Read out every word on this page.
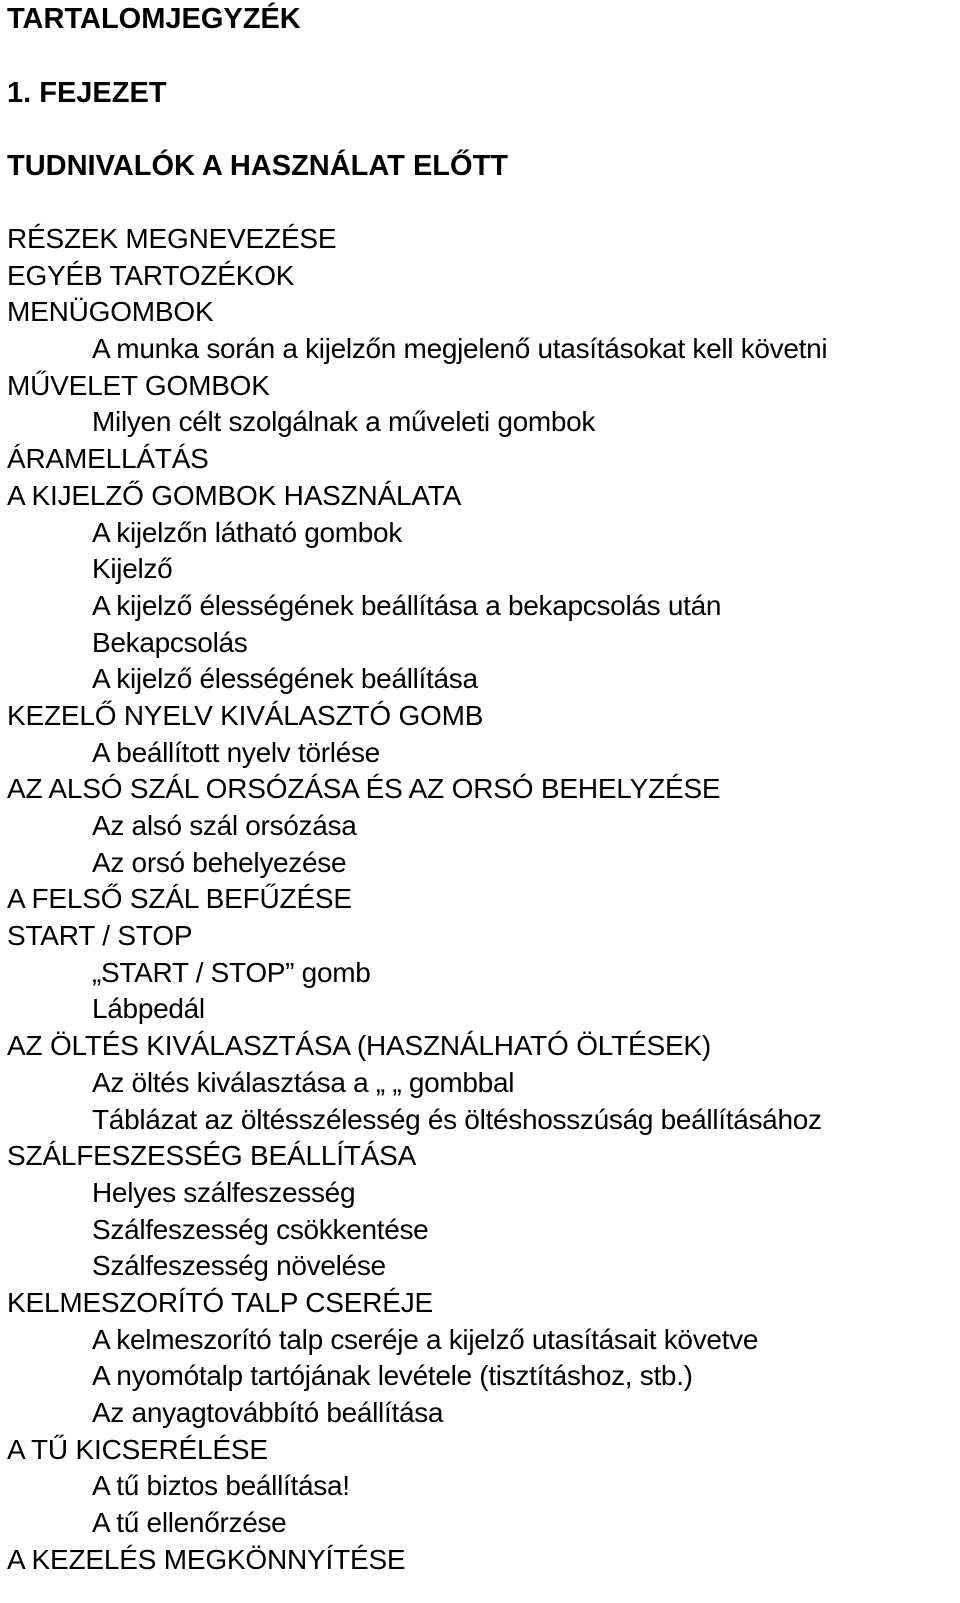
TARTALOMJEGYZÉK
1. FEJEZET
TUDNIVALÓK A HASZNÁLAT ELŐTT
RÉSZEK MEGNEVEZÉSE
EGYÉB TARTOZÉKOK
MENÜGOMBOK
A munka során a kijelzőn megjelenő utasításokat kell követni
MŰVELET GOMBOK
Milyen célt szolgálnak a műveleti gombok
ÁRAMELLÁTÁS
A KIJELZŐ GOMBOK HASZNÁLATA
A kijelzőn látható gombok
Kijelző
A kijelző élességének beállítása a bekapcsolás után
Bekapcsolás
A kijelző élességének beállítása
KEZELŐ NYELV KIVÁLASZTÓ GOMB
A beállított nyelv törlése
AZ ALSÓ SZÁL ORSÓZÁSA ÉS AZ ORSÓ BEHELYZÉSE
Az alsó szál orsózása
Az orsó behelyezése
A FELSŐ SZÁL BEFŰZÉSE
START / STOP
„START / STOP” gomb
Lábpedál
AZ ÖLTÉS KIVÁLASZTÁSA (HASZNÁLHATÓ ÖLTÉSEK)
Az öltés kiválasztása a „ „ gombbal
Táblázat az öltésszélesség és öltéshosszúság beállításához
SZÁLFESZESSÉG BEÁLLÍTÁSA
Helyes szálfeszesség
Szálfeszesség csökkentése
Szálfeszesség növelése
KELMESZORÍTÓ TALP CSERÉJE
A kelmeszorító talp cseréje a kijelző utasításait követve
A nyomótalp tartójának levétele (tisztításhoz, stb.)
Az anyagtovábbító beállítása
A TŰ KICSERÉLÉSE
A tű biztos beállítása!
A tű ellenőrzése
A KEZELÉS MEGKÖNNYÍTÉSE
